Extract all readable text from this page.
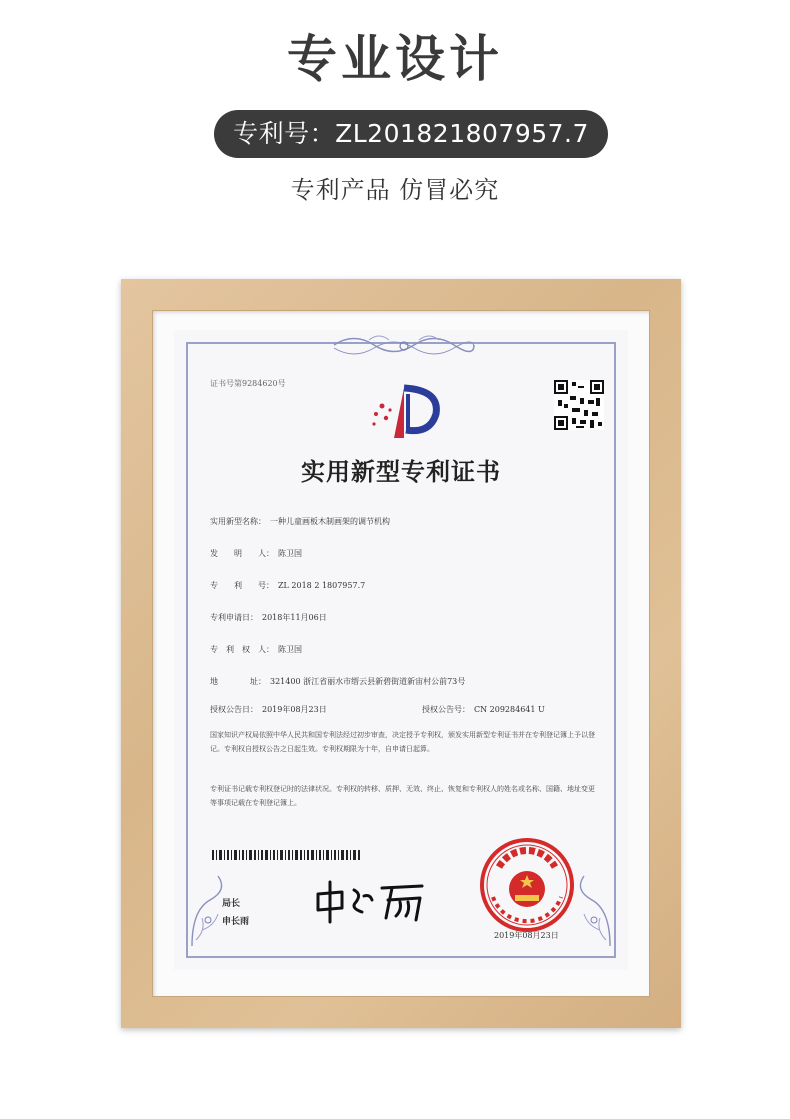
专业设计
专利号：ZL201821807957.7
专利产品 仿冒必究
证书号第9284620号
实用新型专利证书
实用新型名称： 一种儿童画板木制画架的调节机构
发　　明　　人： 陈卫国
专　　利　　号： ZL 2018 2 1807957.7
专利申请日： 2018年11月06日
专　利　权　人： 陈卫国
地　　　　址： 321400 浙江省丽水市缙云县新碧街道新宙村公前73号
授权公告日： 2019年08月23日	授权公告号： CN 209284641 U
国家知识产权局依照中华人民共和国专利法经过初步审查，决定授予专利权，颁发实用新型专利证书并在专利登记簿上予以登记。专利权自授权公告之日起生效。专利权期限为十年，自申请日起算。
专利证书记载专利权登记时的法律状况。专利权的转移、质押、无效、终止、恢复和专利权人的姓名或名称、国籍、地址变更等事项记载在专利登记簿上。
局长
申长雨
2019年08月23日
